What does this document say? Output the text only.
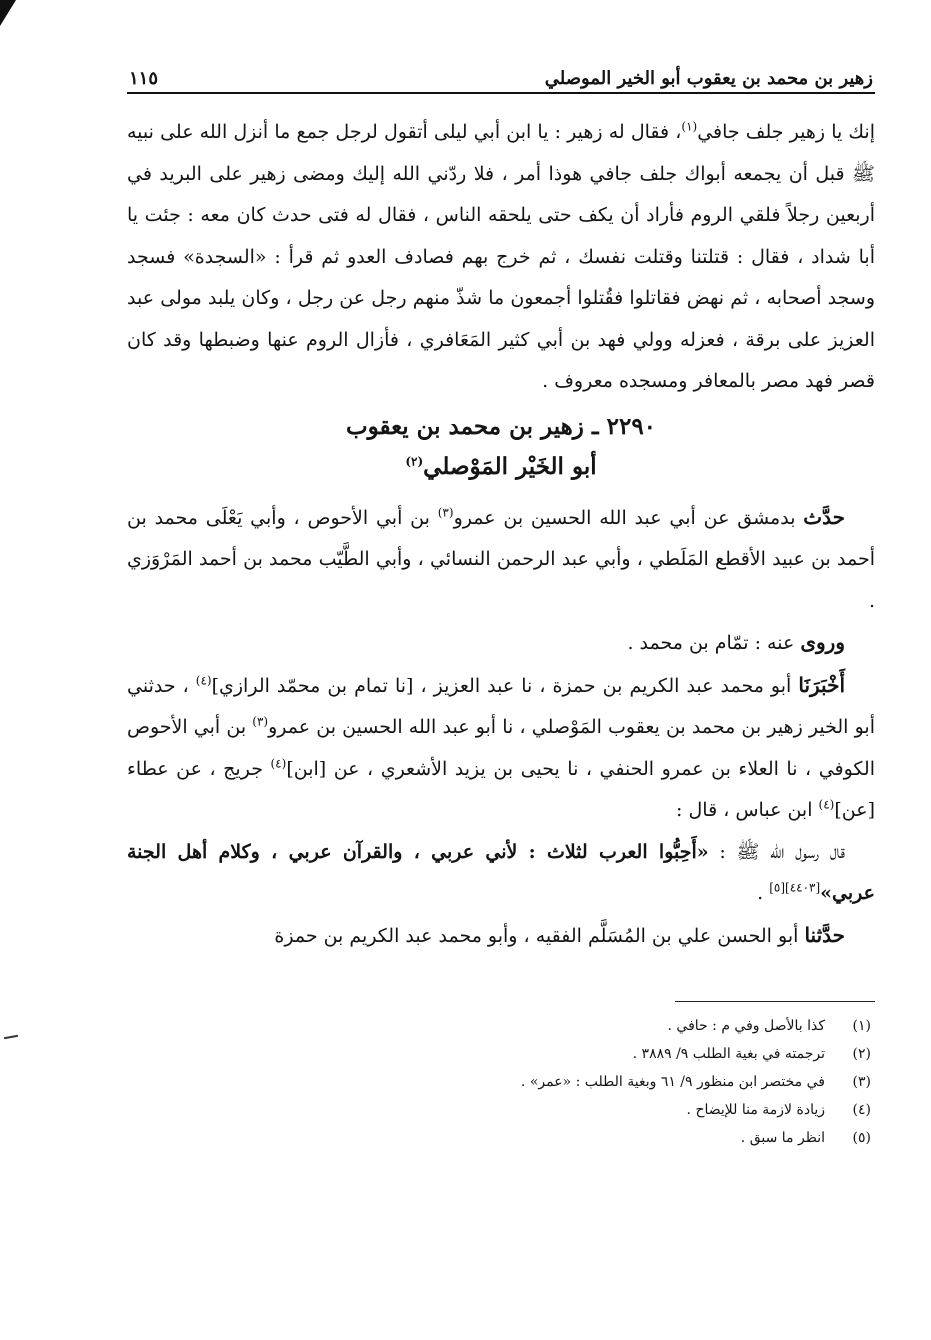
زهير بن محمد بن يعقوب أبو الخير الموصلي
١١٥

إنك يا زهير جلف جافي$^{(١)}$، فقال له زهير : يا ابن أبي ليلى أتقول لرجل جمع ما أنزل الله على نبيه ﷺ قبل أن يجمعه أبواك جلف جافي هوذا أمر ، فلا ردّني الله إليك ومضى زهير على البريد في أربعين رجلاً فلقي الروم فأراد أن يكف حتى يلحقه الناس ، فقال له فتى حدث كان معه : جئت يا أبا شداد ، فقال : قتلتنا وقتلت نفسك ، ثم خرج بهم فصادف العدو ثم قرأ : «السجدة» فسجد وسجد أصحابه ، ثم نهض فقاتلوا فقُتلوا أجمعون ما شذّ منهم رجل عن رجل ، وكان يلبد مولى عبد العزيز على برقة ، فعزله وولي فهد بن أبي كثير المَعَافري ، فأزال الروم عنها وضبطها وقد كان قصر فهد مصر بالمعافر ومسجده معروف .

٢٢٩٠ ـ زهير بن محمد بن يعقوب
أبو الخَيْر المَوْصلي$^{(٢)}$

حدَّث بدمشق عن أبي عبد الله الحسين بن عمرو$^{(٣)}$ بن أبي الأحوص ، وأبي يَعْلَى محمد بن أحمد بن عبيد الأقطع المَلَطي ، وأبي عبد الرحمن النسائي ، وأبي الطَّيّب محمد بن أحمد المَرْوَزي .

وروى عنه : تمّام بن محمد .

أَخْبَرَنَا أبو محمد عبد الكريم بن حمزة ، نا عبد العزيز ، [نا تمام بن محمّد الرازي]$^{(٤)}$ ، حدثني أبو الخير زهير بن محمد بن يعقوب المَوْصلي ، نا أبو عبد الله الحسين بن عمرو$^{(٣)}$ بن أبي الأحوص الكوفي ، نا العلاء بن عمرو الحنفي ، نا يحيى بن يزيد الأشعري ، عن [ابن]$^{(٤)}$ جريج ، عن عطاء [عن]$^{(٤)}$ ابن عباس ، قال :

قال رسول الله ﷺ : «أَحِبُّوا العرب لثلاث : لأني عربي ، والقرآن عربي ، وكلام أهل الجنة عربي»[٤٤٠٣][٥] .

حدَّثنا أبو الحسن علي بن المُسَلَّم الفقيه ، وأبو محمد عبد الكريم بن حمزة

(١)
كذا بالأصل وفي م : حافي .
(٢)
ترجمته في بغية الطلب ٩/ ٣٨٨٩ .
(٣)
في مختصر ابن منظور ٩/ ٦١ وبغية الطلب : «عمر» .
(٤)
زيادة لازمة منا للإيضاح .
(٥)
انظر ما سبق .
